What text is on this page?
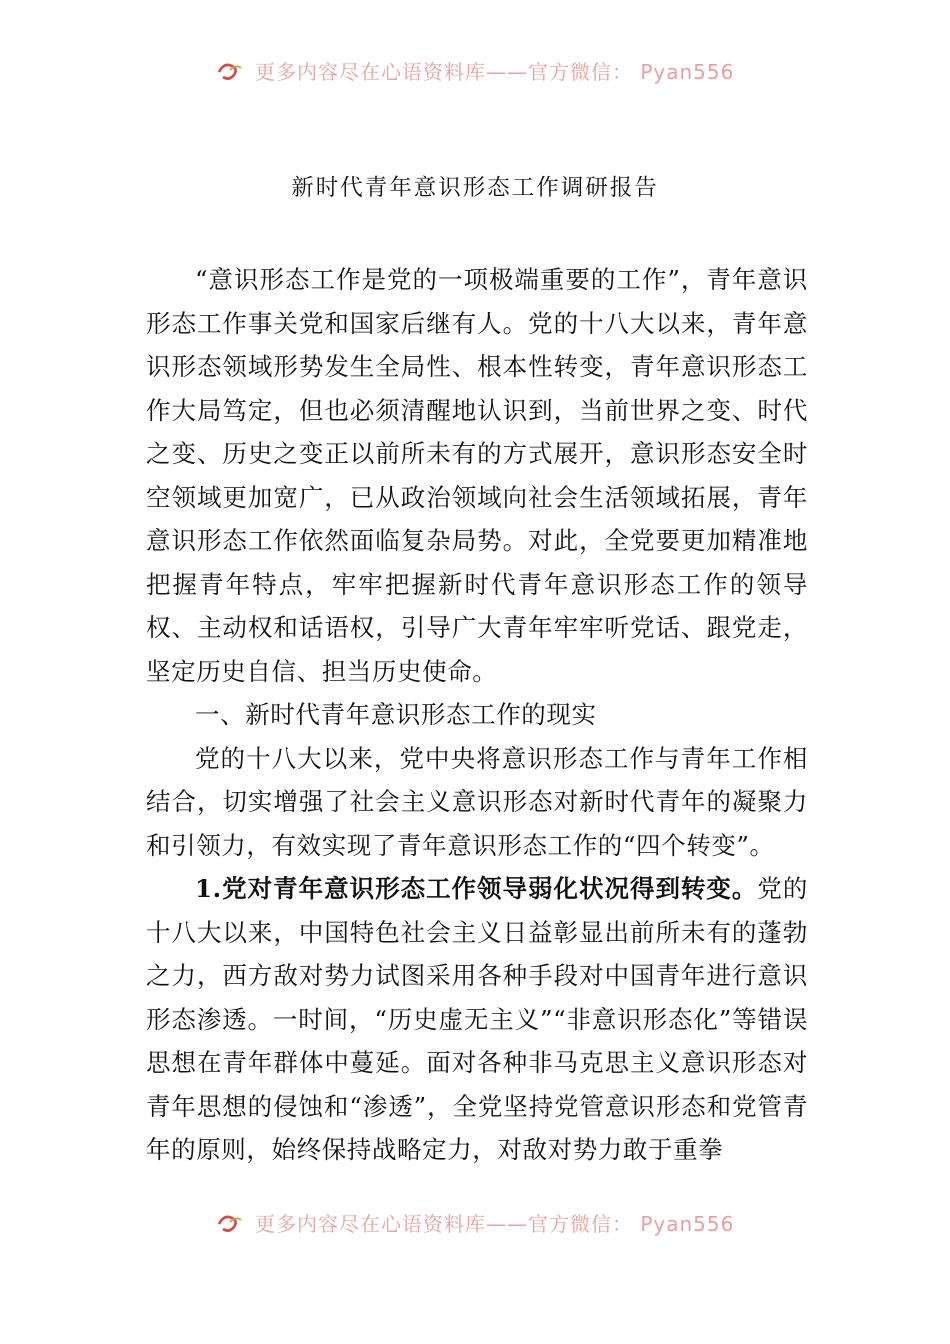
更多内容尽在心语资料库——官方微信： Pyan556
新时代青年意识形态工作调研报告

“意识形态工作是党的一项极端重要的工作”，青年意识形态工作事关党和国家后继有人。党的十八大以来，青年意识形态领域形势发生全局性、根本性转变，青年意识形态工作大局笃定，但也必须清醒地认识到，当前世界之变、时代之变、历史之变正以前所未有的方式展开，意识形态安全时空领域更加宽广，已从政治领域向社会生活领域拓展，青年意识形态工作依然面临复杂局势。对此，全党要更加精准地把握青年特点，牢牢把握新时代青年意识形态工作的领导权、主动权和话语权，引导广大青年牢牢听党话、跟党走，坚定历史自信、担当历史使命。

一、新时代青年意识形态工作的现实

党的十八大以来，党中央将意识形态工作与青年工作相结合，切实增强了社会主义意识形态对新时代青年的凝聚力和引领力，有效实现了青年意识形态工作的“四个转变”。

1.党对青年意识形态工作领导弱化状况得到转变。党的十八大以来，中国特色社会主义日益彰显出前所未有的蓬勃之力，西方敌对势力试图采用各种手段对中国青年进行意识形态渗透。一时间，“历史虚无主义”“非意识形态化”等错误思想在青年群体中蔓延。面对各种非马克思主义意识形态对青年思想的侵蚀和“渗透”，全党坚持党管意识形态和党管青年的原则，始终保持战略定力，对敌对势力敢于重拳

更多内容尽在心语资料库——官方微信： Pyan556
